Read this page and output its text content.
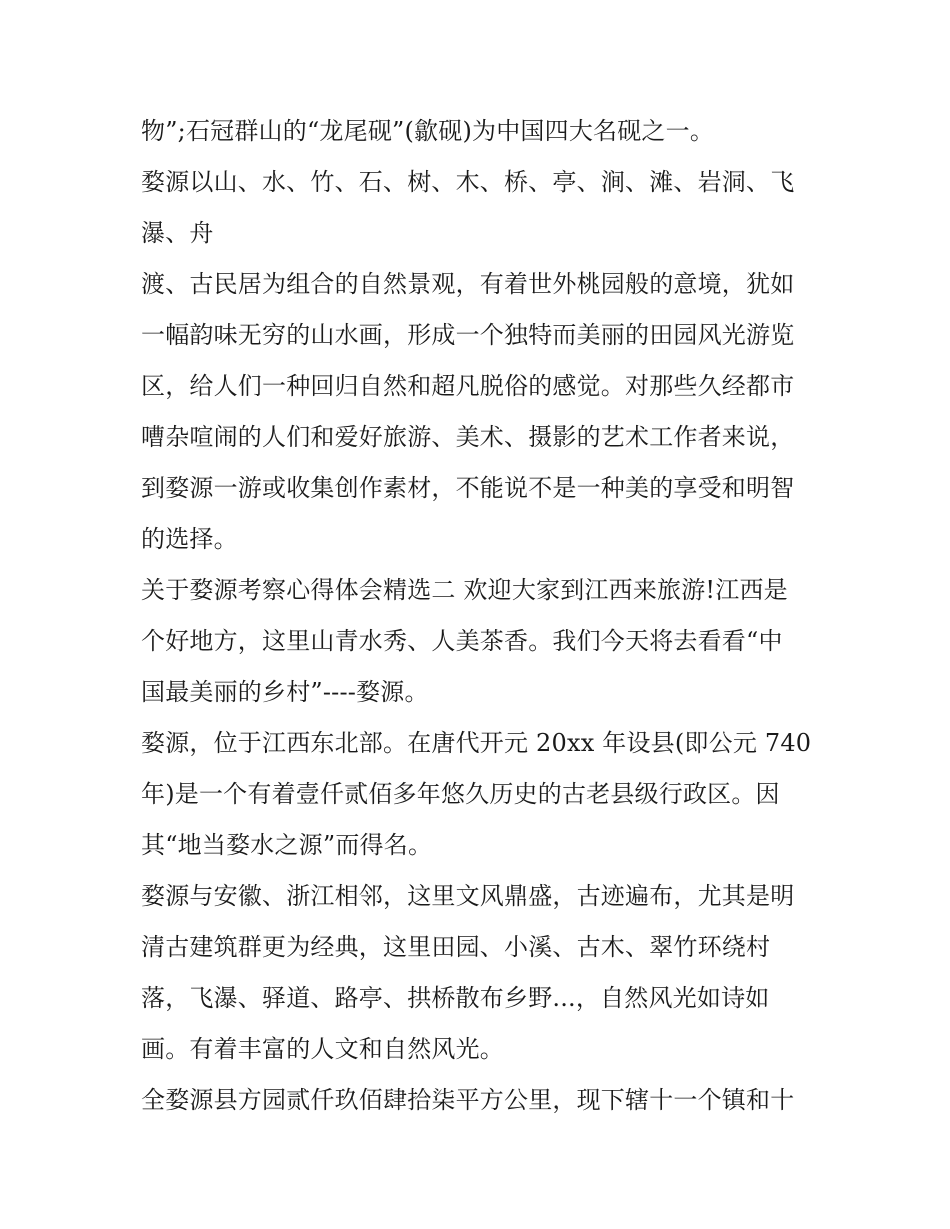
物”;石冠群山的“龙尾砚”(歙砚)为中国四大名砚之一。
婺源以山、水、竹、石、树、木、桥、亭、涧、滩、岩洞、飞
瀑、舟
渡、古民居为组合的自然景观，有着世外桃园般的意境，犹如
一幅韵味无穷的山水画，形成一个独特而美丽的田园风光游览
区，给人们一种回归自然和超凡脱俗的感觉。对那些久经都市
嘈杂喧闹的人们和爱好旅游、美术、摄影的艺术工作者来说，
到婺源一游或收集创作素材，不能说不是一种美的享受和明智
的选择。
关于婺源考察心得体会精选二 欢迎大家到江西来旅游!江西是
个好地方，这里山青水秀、人美茶香。我们今天将去看看“中
国最美丽的乡村”----婺源。
婺源，位于江西东北部。在唐代开元 20xx 年设县(即公元 740
年)是一个有着壹仟贰佰多年悠久历史的古老县级行政区。因
其“地当婺水之源”而得名。
婺源与安徽、浙江相邻，这里文风鼎盛，古迹遍布，尤其是明
清古建筑群更为经典，这里田园、小溪、古木、翠竹环绕村
落，飞瀑、驿道、路亭、拱桥散布乡野...，自然风光如诗如
画。有着丰富的人文和自然风光。
全婺源县方园贰仟玖佰肆拾柒平方公里，现下辖十一个镇和十
